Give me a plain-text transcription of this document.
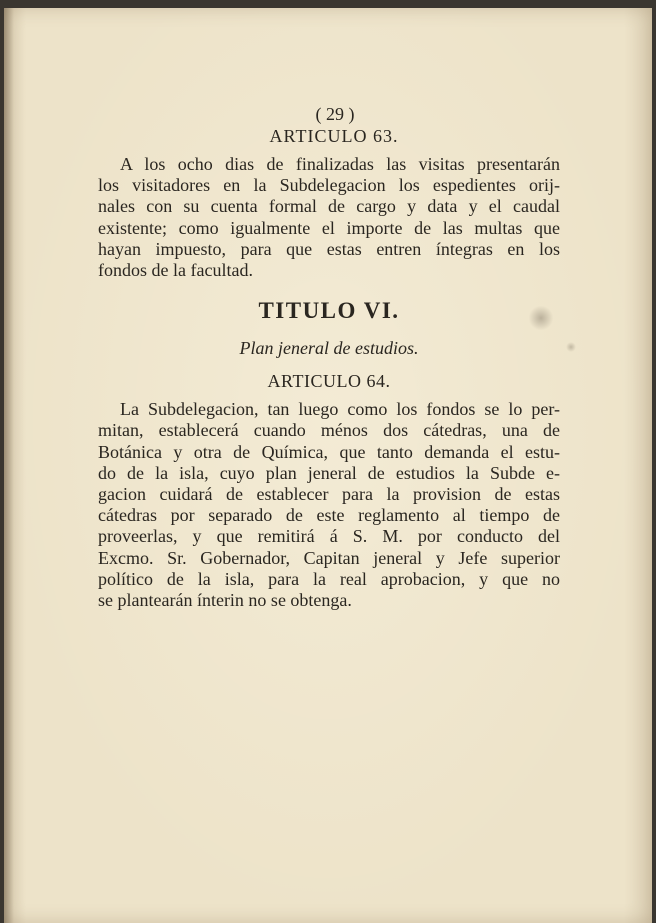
( 29 )
ARTICULO 63.
A los ocho dias de finalizadas las visitas presentarán
los visitadores en la Subdelegacion los espedientes orij-
nales con su cuenta formal de cargo y data y el caudal
existente; como igualmente el importe de las multas que
hayan impuesto, para que estas entren íntegras en los
fondos de la facultad.
TITULO VI.
Plan jeneral de estudios.
ARTICULO 64.
La Subdelegacion, tan luego como los fondos se lo per-
mitan, establecerá cuando ménos dos cátedras, una de
Botánica y otra de Química, que tanto demanda el estu-
do de la isla, cuyo plan jeneral de estudios la Subde e-
gacion cuidará de establecer para la provision de estas
cátedras por separado de este reglamento al tiempo de
proveerlas, y que remitirá á S. M. por conducto del
Excmo. Sr. Gobernador, Capitan jeneral y Jefe superior
político de la isla, para la real aprobacion, y que no
se plantearán ínterin no se obtenga.
